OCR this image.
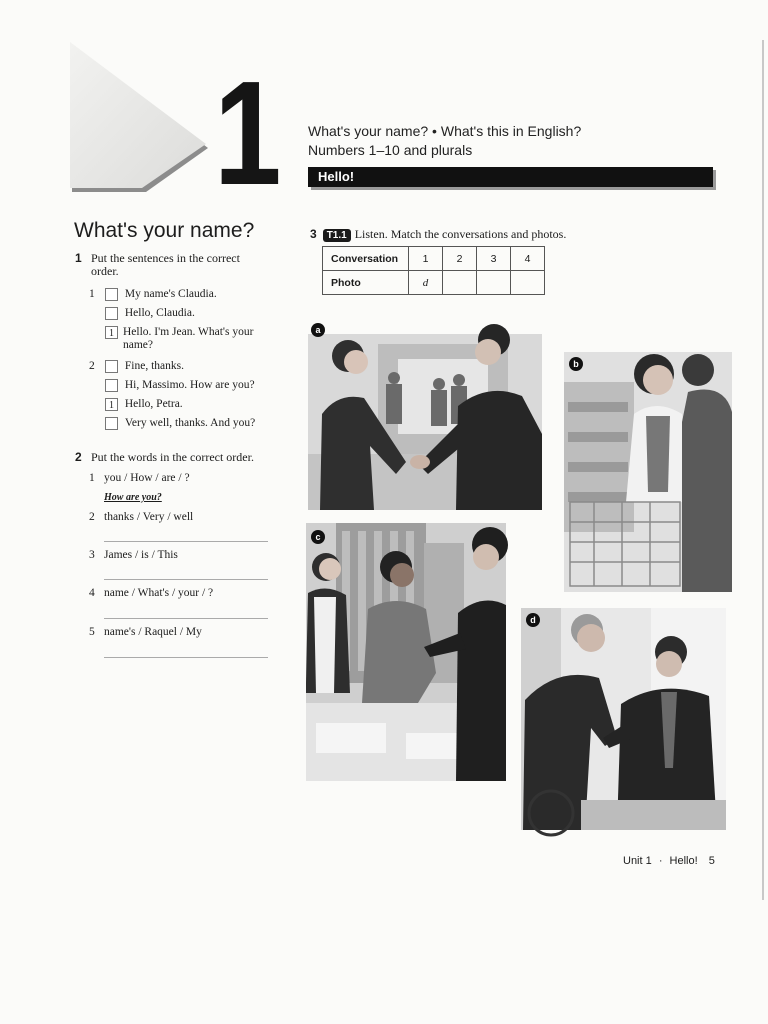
1 What's your name? • What's this in English?
Numbers 1–10 and plurals
Hello!
What's your name?
1 Put the sentences in the correct order.
1	My name's Claudia.
Hello, Claudia.
1 Hello. I'm Jean. What's your name?
2	Fine, thanks.
Hi, Massimo. How are you?
1 Hello, Petra.
Very well, thanks. And you?
2 Put the words in the correct order.
1 you / How / are / ?
How are you?
2 thanks / Very / well
3 James / is / This
4 name / What's / your / ?
5 name's / Raquel / My
3 T1.1 Listen. Match the conversations and photos.
Conversation	1	2	3	4
Photo	d			
a
b
c
d
Unit 1 · Hello! 5
